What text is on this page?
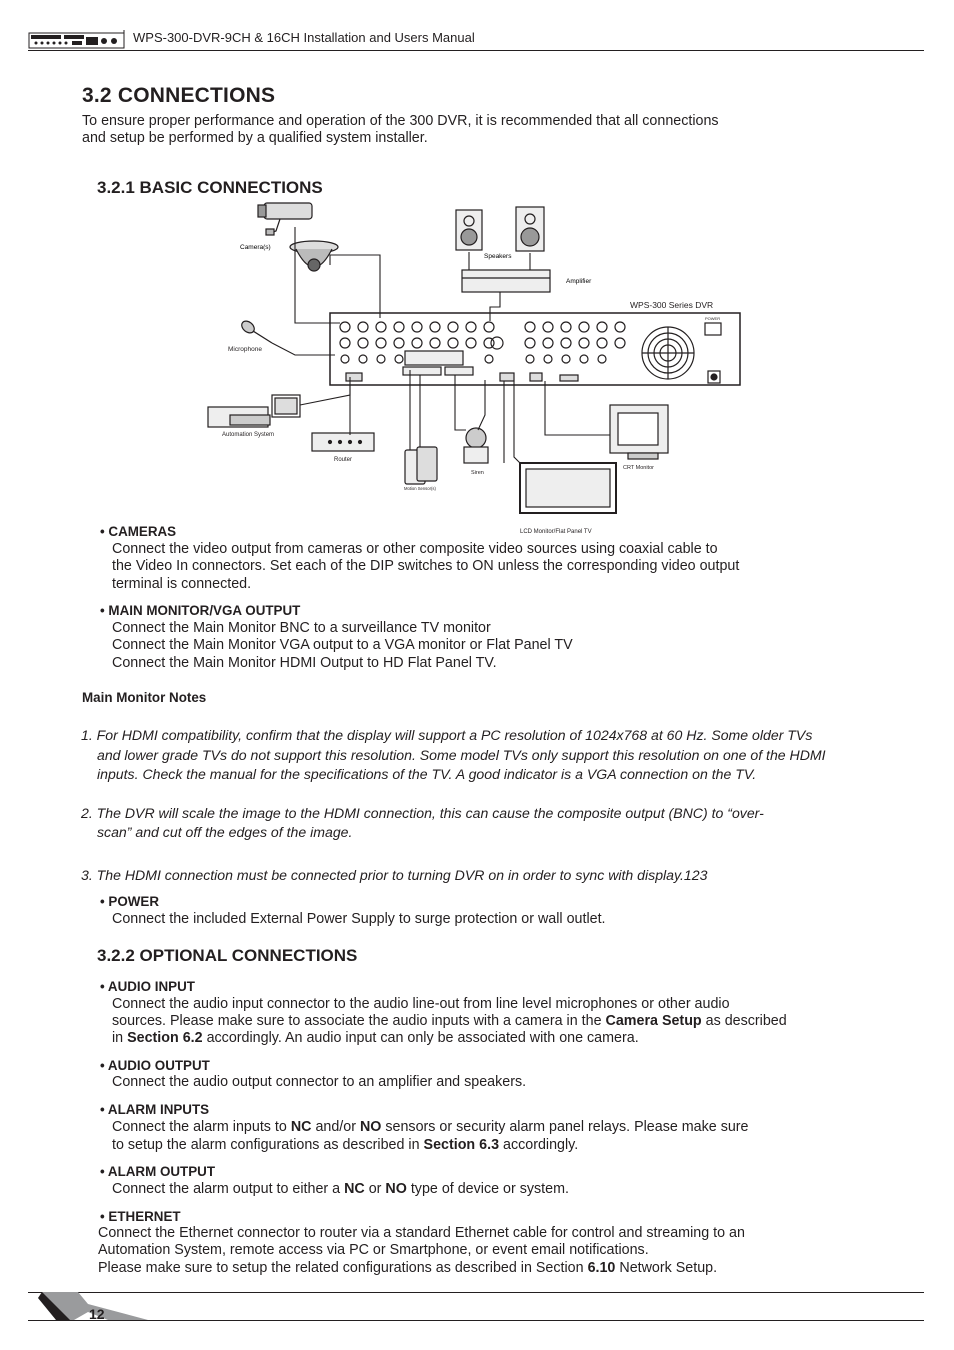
WPS-300-DVR-9CH & 16CH Installation and Users Manual
3.2 CONNECTIONS
To ensure proper performance and operation of the 300 DVR, it is recommended that all connections
and setup be performed by a qualified system installer.
3.2.1 BASIC CONNECTIONS
Camera(s)
Speakers
Amplifier
WPS-300 Series DVR
POWER
Microphone
Automation System
Router
Motion Sensor(s)
Siren
CRT Monitor
LCD Monitor/Flat Panel TV
• CAMERAS
Connect the video output from cameras or other composite video sources using coaxial cable to
the Video In connectors. Set each of the DIP switches to ON unless the corresponding video output
terminal is connected.
• MAIN MONITOR/VGA OUTPUT
Connect the Main Monitor BNC to a surveillance TV monitor
Connect the Main Monitor VGA output to a VGA monitor or Flat Panel TV
Connect the Main Monitor HDMI Output to HD Flat Panel TV.
Main Monitor Notes
1. For HDMI compatibility, confirm that the display will support a PC resolution of 1024x768 at 60 Hz. Some older TVs
and lower grade TVs do not support this resolution. Some model TVs only support this resolution on one of the HDMI
inputs. Check the manual for the specifications of the TV. A good indicator is a VGA connection on the TV.
2. The DVR will scale the image to the HDMI connection, this can cause the composite output (BNC) to “over-
scan” and cut off the edges of the image.
3. The HDMI connection must be connected prior to turning DVR on in order to sync with display.123
• POWER
Connect the included External Power Supply to surge protection or wall outlet.
3.2.2 OPTIONAL CONNECTIONS
• AUDIO INPUT
Connect the audio input connector to the audio line-out from line level microphones or other audio
sources. Please make sure to associate the audio inputs with a camera in the Camera Setup as described
in Section 6.2 accordingly. An audio input can only be associated with one camera.
• AUDIO OUTPUT
Connect the audio output connector to an amplifier and speakers.
• ALARM INPUTS
Connect the alarm inputs to NC and/or NO sensors or security alarm panel relays. Please make sure
to setup the alarm configurations as described in Section 6.3 accordingly.
• ALARM OUTPUT
Connect the alarm output to either a NC or NO type of device or system.
• ETHERNET
Connect the Ethernet connector to router via a standard Ethernet cable for control and streaming to an
Automation System, remote access via PC or Smartphone, or event email notifications.
Please make sure to setup the related configurations as described in Section 6.10 Network Setup.
12
